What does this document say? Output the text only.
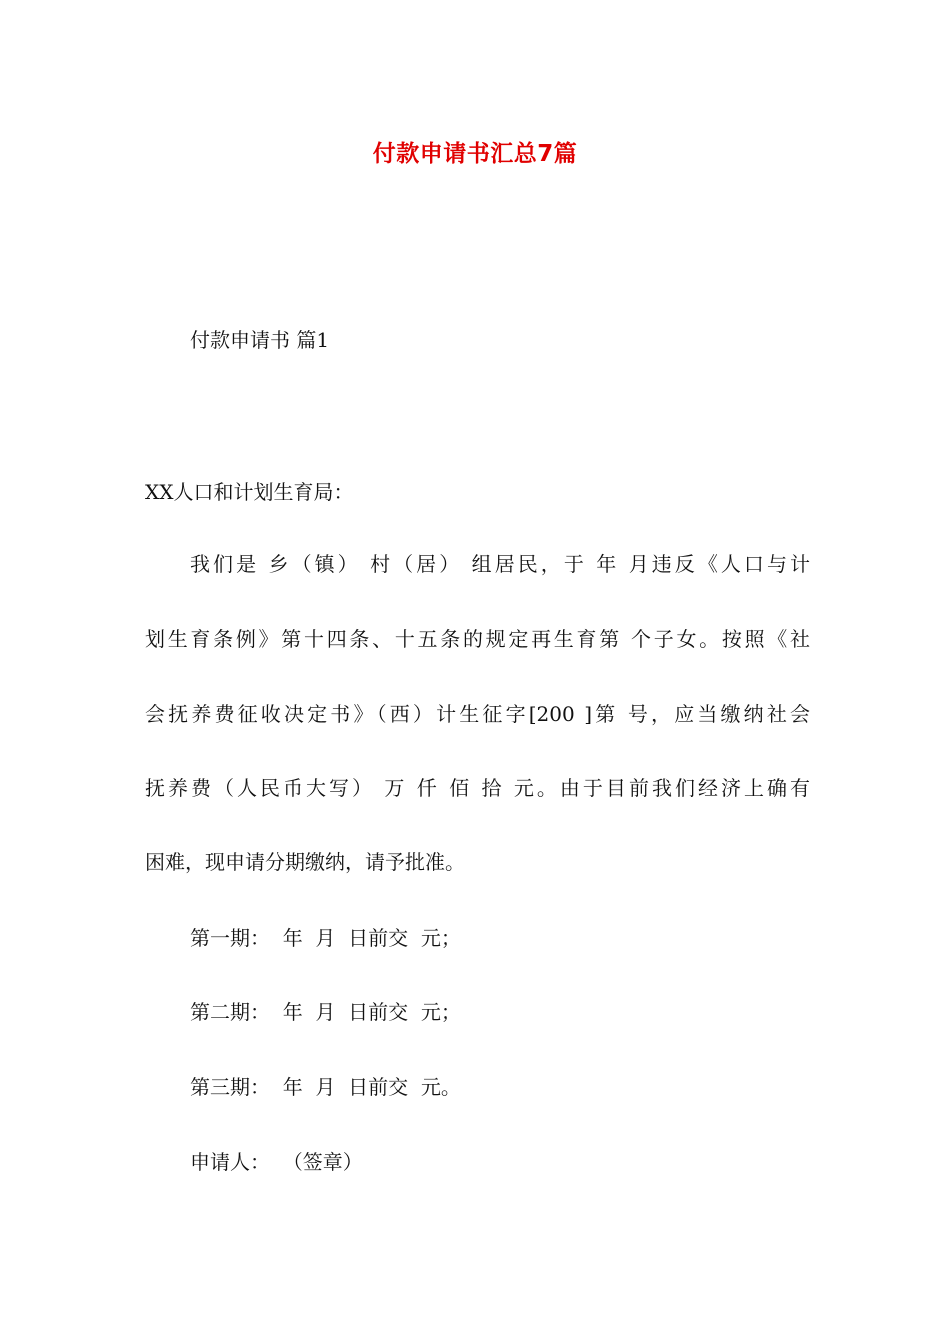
付款申请书汇总7篇

付款申请书 篇1

XX人口和计划生育局：

我们是 乡（镇） 村（居） 组居民，于 年 月违反《人口与计

划生育条例》第十四条、十五条的规定再生育第 个子女。按照《社

会抚养费征收决定书》（西）计生征字[200 ]第 号，应当缴纳社会

抚养费（人民币大写） 万 仟 佰 拾 元。由于目前我们经济上确有

困难，现申请分期缴纳，请予批准。

第一期：  年  月  日前交  元；

第二期：  年  月  日前交  元；

第三期：  年  月  日前交  元。

申请人：  （签章）
